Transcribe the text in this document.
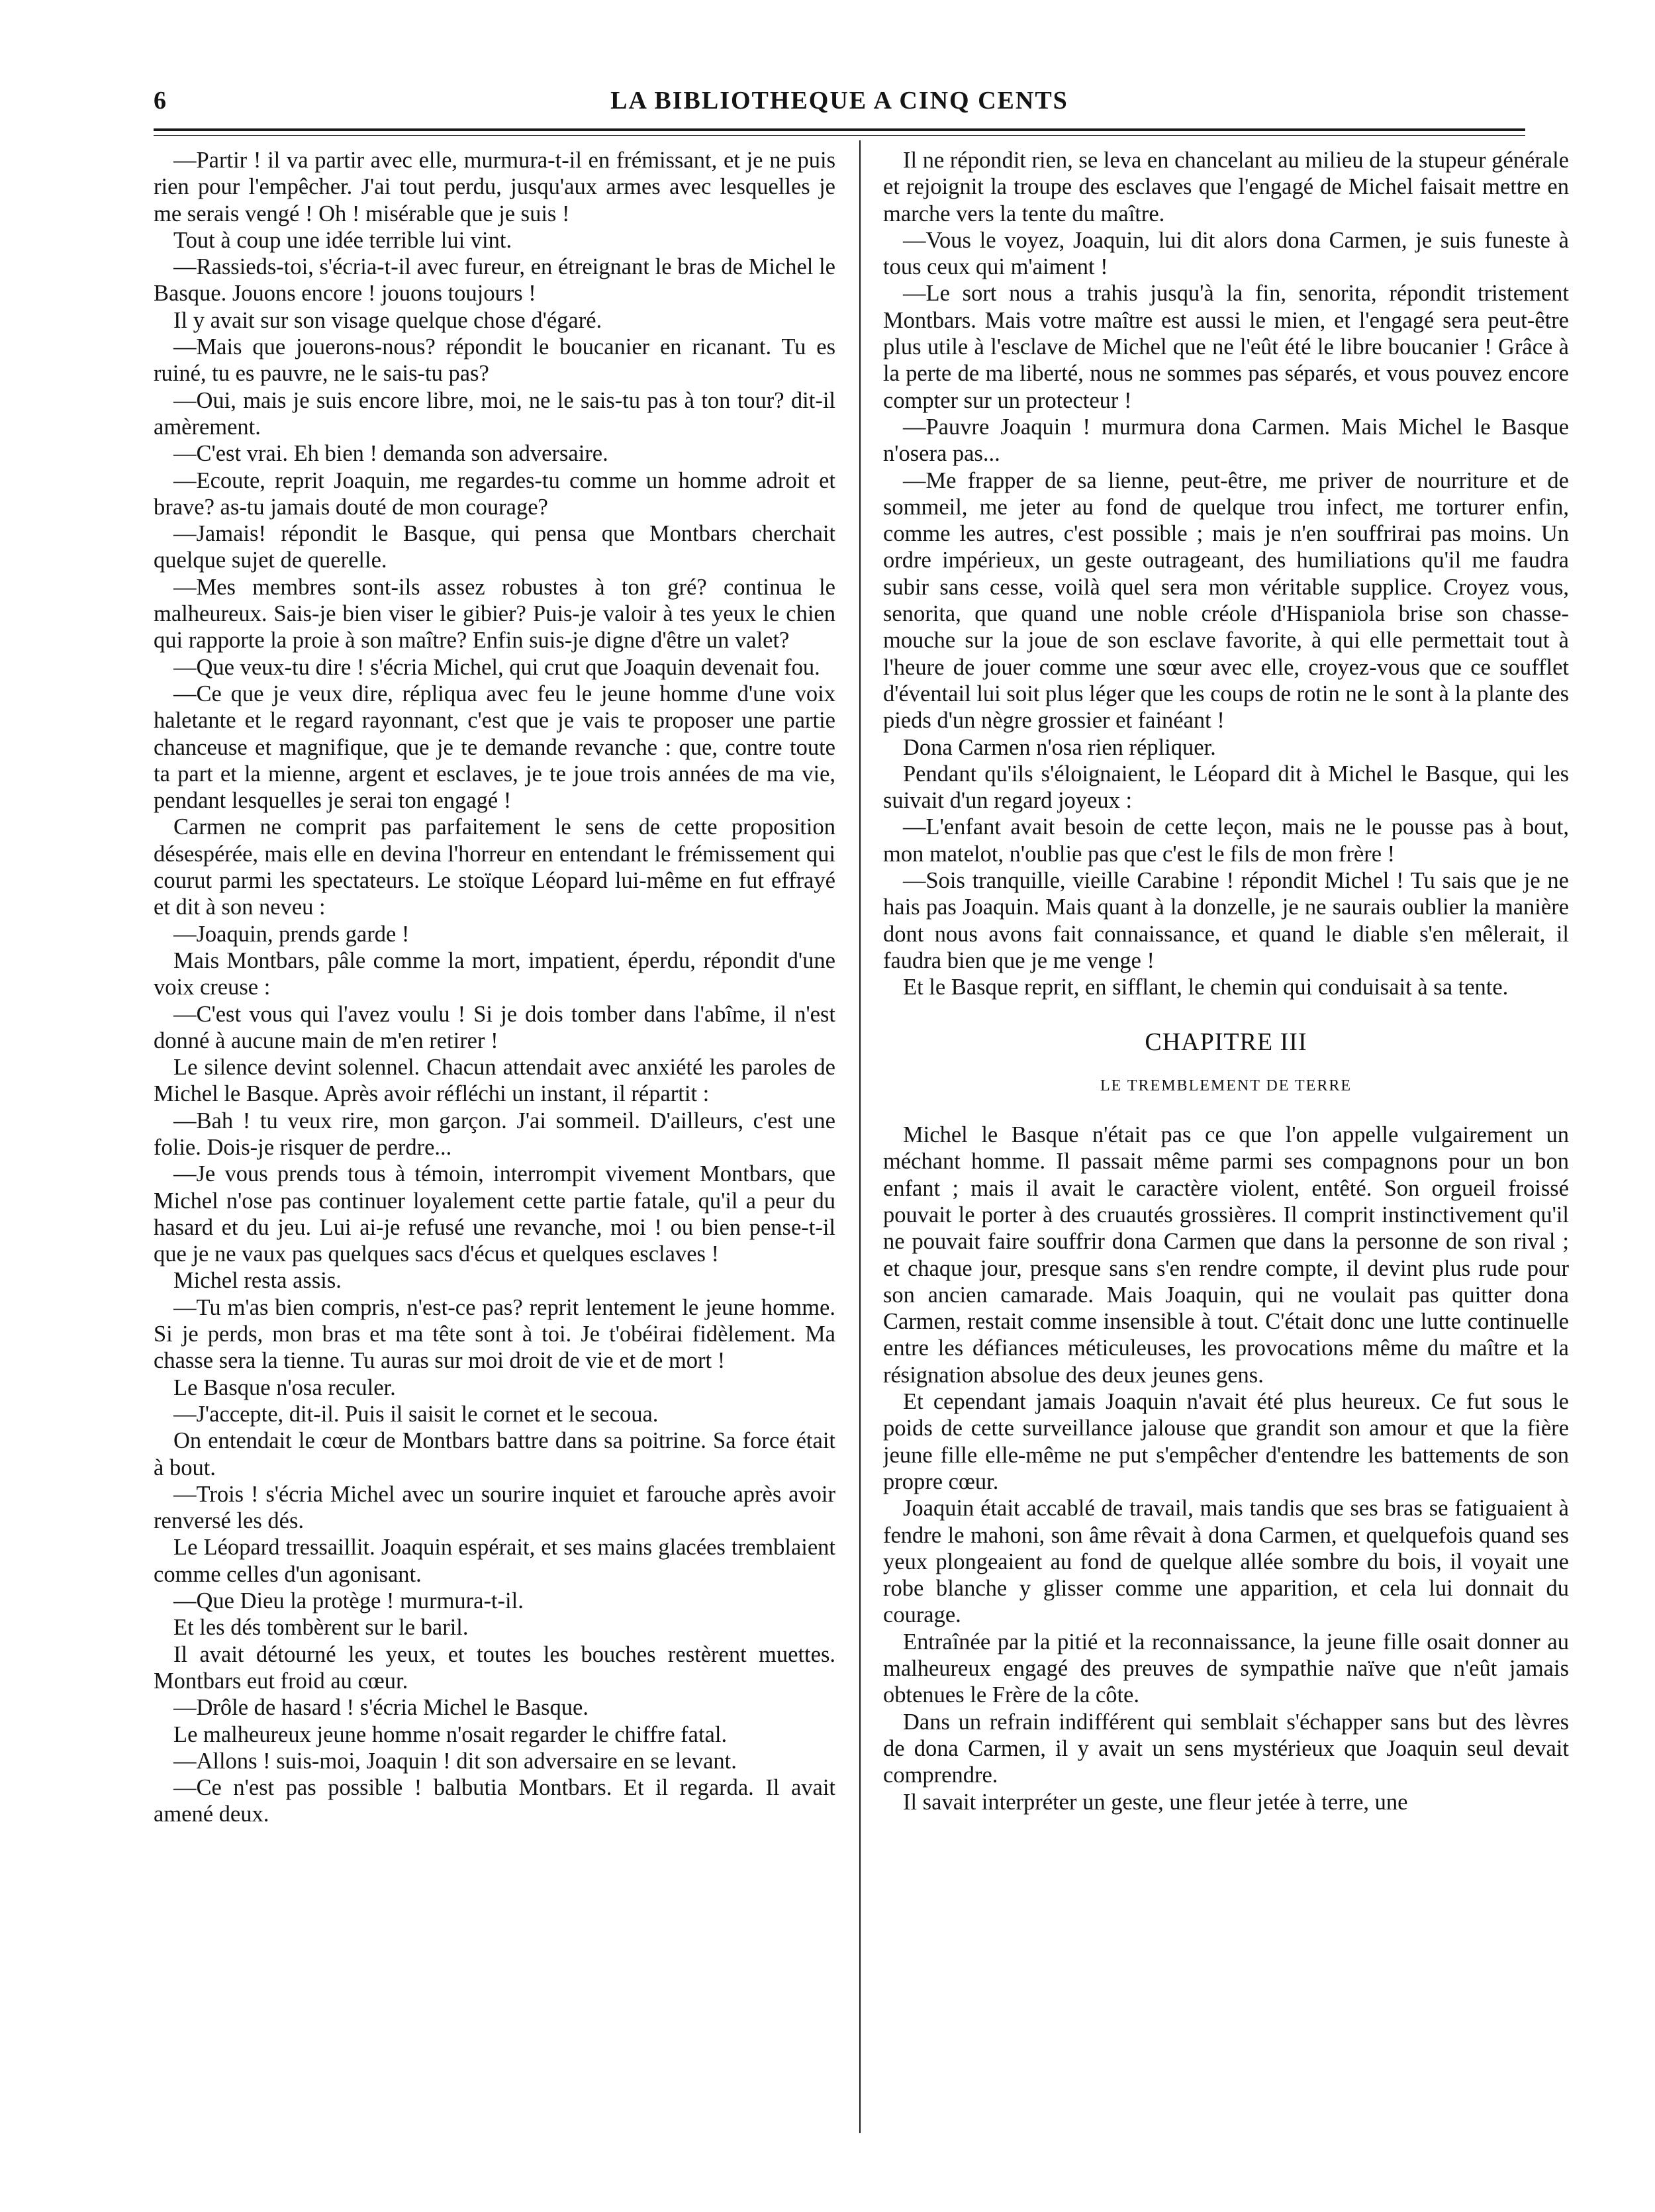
6	LA BIBLIOTHEQUE A CINQ CENTS

—Partir ! il va partir avec elle, murmura-t-il en frémissant, et je ne puis rien pour l'empêcher. J'ai tout perdu, jusqu'aux armes avec lesquelles je me serais vengé ! Oh ! misérable que je suis !

Tout à coup une idée terrible lui vint.

—Rassieds-toi, s'écria-t-il avec fureur, en étreignant le bras de Michel le Basque. Jouons encore ! jouons toujours !

Il y avait sur son visage quelque chose d'égaré.

—Mais que jouerons-nous? répondit le boucanier en ricanant. Tu es ruiné, tu es pauvre, ne le sais-tu pas?

—Oui, mais je suis encore libre, moi, ne le sais-tu pas à ton tour? dit-il amèrement.

—C'est vrai. Eh bien ! demanda son adversaire.

—Ecoute, reprit Joaquin, me regardes-tu comme un homme adroit et brave? as-tu jamais douté de mon courage?

—Jamais! répondit le Basque, qui pensa que Montbars cherchait quelque sujet de querelle.

—Mes membres sont-ils assez robustes à ton gré? continua le malheureux. Sais-je bien viser le gibier? Puis-je valoir à tes yeux le chien qui rapporte la proie à son maître? Enfin suis-je digne d'être un valet?

—Que veux-tu dire ! s'écria Michel, qui crut que Joaquin devenait fou.

—Ce que je veux dire, répliqua avec feu le jeune homme d'une voix haletante et le regard rayonnant, c'est que je vais te proposer une partie chanceuse et magnifique, que je te demande revanche : que, contre toute ta part et la mienne, argent et esclaves, je te joue trois années de ma vie, pendant lesquelles je serai ton engagé !

Carmen ne comprit pas parfaitement le sens de cette proposition désespérée, mais elle en devina l'horreur en entendant le frémissement qui courut parmi les spectateurs. Le stoïque Léopard lui-même en fut effrayé et dit à son neveu :

—Joaquin, prends garde !

Mais Montbars, pâle comme la mort, impatient, éperdu, répondit d'une voix creuse :

—C'est vous qui l'avez voulu ! Si je dois tomber dans l'abîme, il n'est donné à aucune main de m'en retirer !

Le silence devint solennel. Chacun attendait avec anxiété les paroles de Michel le Basque. Après avoir réfléchi un instant, il répartit :

—Bah ! tu veux rire, mon garçon. J'ai sommeil. D'ailleurs, c'est une folie. Dois-je risquer de perdre...

—Je vous prends tous à témoin, interrompit vivement Montbars, que Michel n'ose pas continuer loyalement cette partie fatale, qu'il a peur du hasard et du jeu. Lui ai-je refusé une revanche, moi ! ou bien pense-t-il que je ne vaux pas quelques sacs d'écus et quelques esclaves !

Michel resta assis.

—Tu m'as bien compris, n'est-ce pas? reprit lentement le jeune homme. Si je perds, mon bras et ma tête sont à toi. Je t'obéirai fidèlement. Ma chasse sera la tienne. Tu auras sur moi droit de vie et de mort !

Le Basque n'osa reculer.

—J'accepte, dit-il. Puis il saisit le cornet et le secoua.

On entendait le cœur de Montbars battre dans sa poitrine. Sa force était à bout.

—Trois ! s'écria Michel avec un sourire inquiet et farouche après avoir renversé les dés.

Le Léopard tressaillit. Joaquin espérait, et ses mains glacées tremblaient comme celles d'un agonisant.

—Que Dieu la protège ! murmura-t-il.

Et les dés tombèrent sur le baril.

Il avait détourné les yeux, et toutes les bouches restèrent muettes. Montbars eut froid au cœur.

—Drôle de hasard ! s'écria Michel le Basque.

Le malheureux jeune homme n'osait regarder le chiffre fatal.

—Allons ! suis-moi, Joaquin ! dit son adversaire en se levant.

—Ce n'est pas possible ! balbutia Montbars. Et il regarda. Il avait amené deux.

Il ne répondit rien, se leva en chancelant au milieu de la stupeur générale et rejoignit la troupe des esclaves que l'engagé de Michel faisait mettre en marche vers la tente du maître.

—Vous le voyez, Joaquin, lui dit alors dona Carmen, je suis funeste à tous ceux qui m'aiment !

—Le sort nous a trahis jusqu'à la fin, senorita, répondit tristement Montbars. Mais votre maître est aussi le mien, et l'engagé sera peut-être plus utile à l'esclave de Michel que ne l'eût été le libre boucanier ! Grâce à la perte de ma liberté, nous ne sommes pas séparés, et vous pouvez encore compter sur un protecteur !

—Pauvre Joaquin ! murmura dona Carmen. Mais Michel le Basque n'osera pas...

—Me frapper de sa lienne, peut-être, me priver de nourriture et de sommeil, me jeter au fond de quelque trou infect, me torturer enfin, comme les autres, c'est possible ; mais je n'en souffrirai pas moins. Un ordre impérieux, un geste outrageant, des humiliations qu'il me faudra subir sans cesse, voilà quel sera mon véritable supplice. Croyez vous, senorita, que quand une noble créole d'Hispaniola brise son chasse-mouche sur la joue de son esclave favorite, à qui elle permettait tout à l'heure de jouer comme une sœur avec elle, croyez-vous que ce soufflet d'éventail lui soit plus léger que les coups de rotin ne le sont à la plante des pieds d'un nègre grossier et fainéant !

Dona Carmen n'osa rien répliquer.

Pendant qu'ils s'éloignaient, le Léopard dit à Michel le Basque, qui les suivait d'un regard joyeux :

—L'enfant avait besoin de cette leçon, mais ne le pousse pas à bout, mon matelot, n'oublie pas que c'est le fils de mon frère !

—Sois tranquille, vieille Carabine ! répondit Michel ! Tu sais que je ne hais pas Joaquin. Mais quant à la donzelle, je ne saurais oublier la manière dont nous avons fait connaissance, et quand le diable s'en mêlerait, il faudra bien que je me venge !

Et le Basque reprit, en sifflant, le chemin qui conduisait à sa tente.

CHAPITRE III

LE TREMBLEMENT DE TERRE

Michel le Basque n'était pas ce que l'on appelle vulgairement un méchant homme. Il passait même parmi ses compagnons pour un bon enfant ; mais il avait le caractère violent, entêté. Son orgueil froissé pouvait le porter à des cruautés grossières. Il comprit instinctivement qu'il ne pouvait faire souffrir dona Carmen que dans la personne de son rival ; et chaque jour, presque sans s'en rendre compte, il devint plus rude pour son ancien camarade. Mais Joaquin, qui ne voulait pas quitter dona Carmen, restait comme insensible à tout. C'était donc une lutte continuelle entre les défiances méticuleuses, les provocations même du maître et la résignation absolue des deux jeunes gens.

Et cependant jamais Joaquin n'avait été plus heureux. Ce fut sous le poids de cette surveillance jalouse que grandit son amour et que la fière jeune fille elle-même ne put s'empêcher d'entendre les battements de son propre cœur.

Joaquin était accablé de travail, mais tandis que ses bras se fatiguaient à fendre le mahoni, son âme rêvait à dona Carmen, et quelquefois quand ses yeux plongeaient au fond de quelque allée sombre du bois, il voyait une robe blanche y glisser comme une apparition, et cela lui donnait du courage.

Entraînée par la pitié et la reconnaissance, la jeune fille osait donner au malheureux engagé des preuves de sympathie naïve que n'eût jamais obtenues le Frère de la côte.

Dans un refrain indifférent qui semblait s'échapper sans but des lèvres de dona Carmen, il y avait un sens mystérieux que Joaquin seul devait comprendre.

Il savait interpréter un geste, une fleur jetée à terre, une
